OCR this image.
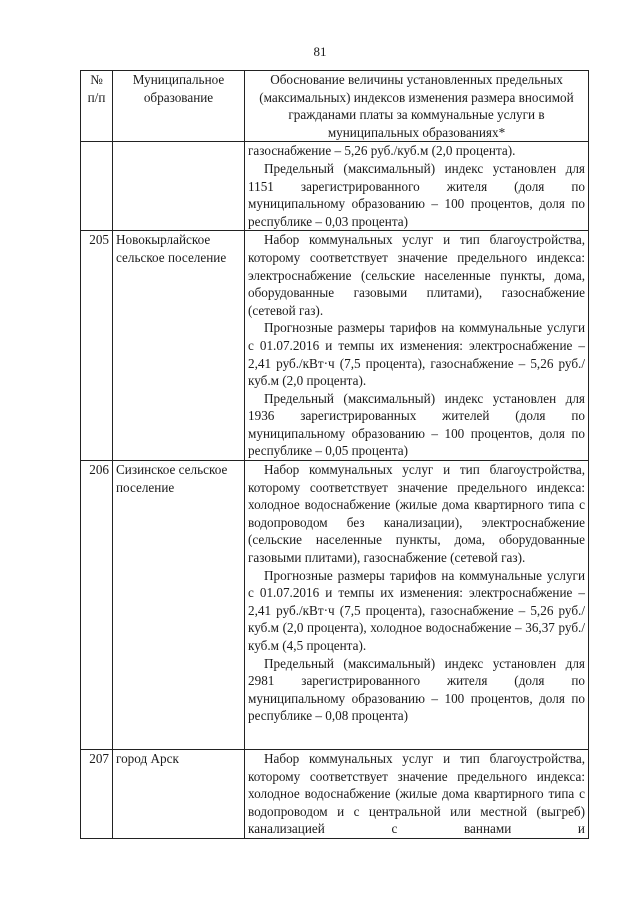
81
№ п/п	Муниципальное образование	Обоснование величины установленных предельных (максимальных) индексов изменения размера вносимой гражданами платы за коммунальные услуги в муниципальных образованиях*

		газоснабжение – 5,26 руб./куб.м (2,0 процента).
Предельный (максимальный) индекс установлен для 1151 зарегистрированного жителя (доля по муниципальному образованию – 100 процентов, доля по республике – 0,03 процента)

205	Новокырлайское сельское поселение	Набор коммунальных услуг и тип благоустройства, которому соответствует значение предельного индекса: электроснабжение (сельские населенные пункты, дома, оборудованные газовыми плитами), газоснабжение (сетевой газ).
Прогнозные размеры тарифов на коммунальные услуги с 01.07.2016 и темпы их изменения: электроснабжение – 2,41 руб./кВт·ч (7,5 процента), газоснабжение – 5,26 руб./куб.м (2,0 процента).
Предельный (максимальный) индекс установлен для 1936 зарегистрированных жителей (доля по муниципальному образованию – 100 процентов, доля по республике – 0,05 процента)

206	Сизинское сельское поселение	Набор коммунальных услуг и тип благоустройства, которому соответствует значение предельного индекса: холодное водоснабжение (жилые дома квартирного типа с водопроводом без канализации), электроснабжение (сельские населенные пункты, дома, оборудованные газовыми плитами), газоснабжение (сетевой газ).
Прогнозные размеры тарифов на коммунальные услуги с 01.07.2016 и темпы их изменения: электроснабжение – 2,41 руб./кВт·ч (7,5 процента), газоснабжение – 5,26 руб./куб.м (2,0 процента), холодное водоснабжение – 36,37 руб./куб.м (4,5 процента).
Предельный (максимальный) индекс установлен для 2981 зарегистрированного жителя (доля по муниципальному образованию – 100 процентов, доля по республике – 0,08 процента)

207	город Арск	Набор коммунальных услуг и тип благоустройства, которому соответствует значение предельного индекса: холодное водоснабжение (жилые дома квартирного типа с водопроводом и с центральной или местной (выгреб) канализацией с ваннами и
